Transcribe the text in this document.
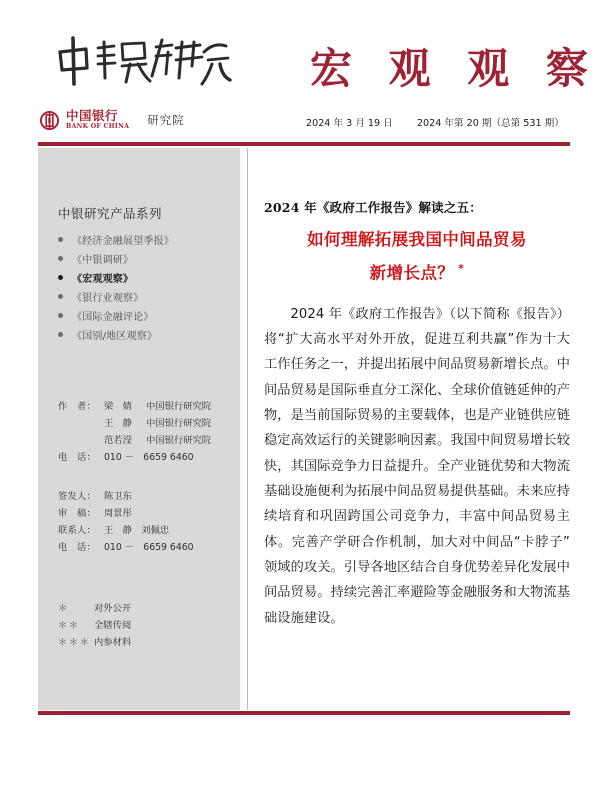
中国银行
BANK OF CHINA 研究院
宏 观 观 察
2024 年 3 月 19 日	2024 年第 20 期（总第 531 期）
中银研究产品系列
《经济金融展望季报》
《中银调研》
《宏观观察》
《银行业观察》
《国际金融评论》
《国别/地区观察》
作　者：	梁　婧	中国银行研究院
	王　静	中国银行研究院
	范若滢	中国银行研究院
电　话：	010 －　6659 6460	
签发人：	陈卫东
审　稿：	周景彤
联系人：	王　静　刘佩忠
电　话：	010 －　6659 6460
＊	对外公开
＊＊	全辖传阅
＊＊＊	内参材料
2024 年《政府工作报告》解读之五：
如何理解拓展我国中间品贸易
新增长点？ *

2024 年《政府工作报告》（以下简称《报告》）将“扩大高水平对外开放，促进互利共赢”作为十大工作任务之一，并提出拓展中间品贸易新增长点。中间品贸易是国际垂直分工深化、全球价值链延伸的产物，是当前国际贸易的主要载体，也是产业链供应链稳定高效运行的关键影响因素。我国中间贸易增长较快，其国际竞争力日益提升。全产业链优势和大物流基础设施便利为拓展中间品贸易提供基础。未来应持续培育和巩固跨国公司竞争力，丰富中间品贸易主体。完善产学研合作机制，加大对中间品“卡脖子”领域的攻关。引导各地区结合自身优势差异化发展中间品贸易。持续完善汇率避险等金融服务和大物流基础设施建设。
